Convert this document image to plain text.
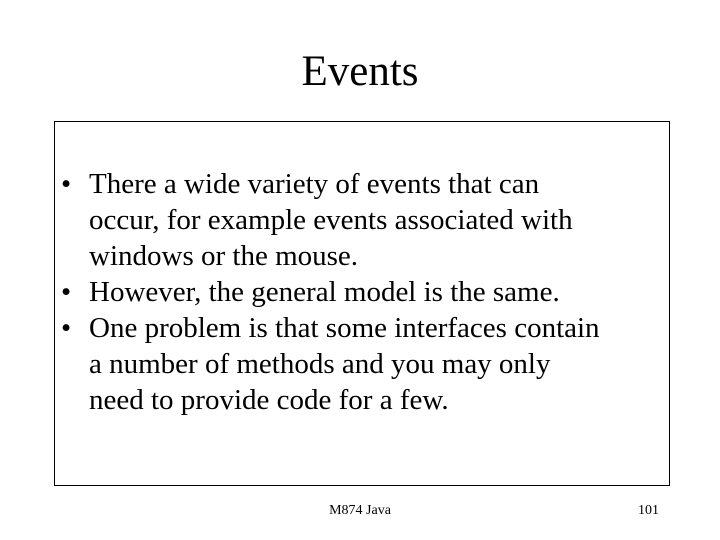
Events
• There a wide variety of events that can
occur, for example events associated with
windows or the mouse.
• However, the general model is the same.
• One problem is that some interfaces contain
a number of methods and you may only
need to provide code for a few.
M874 Java	101
